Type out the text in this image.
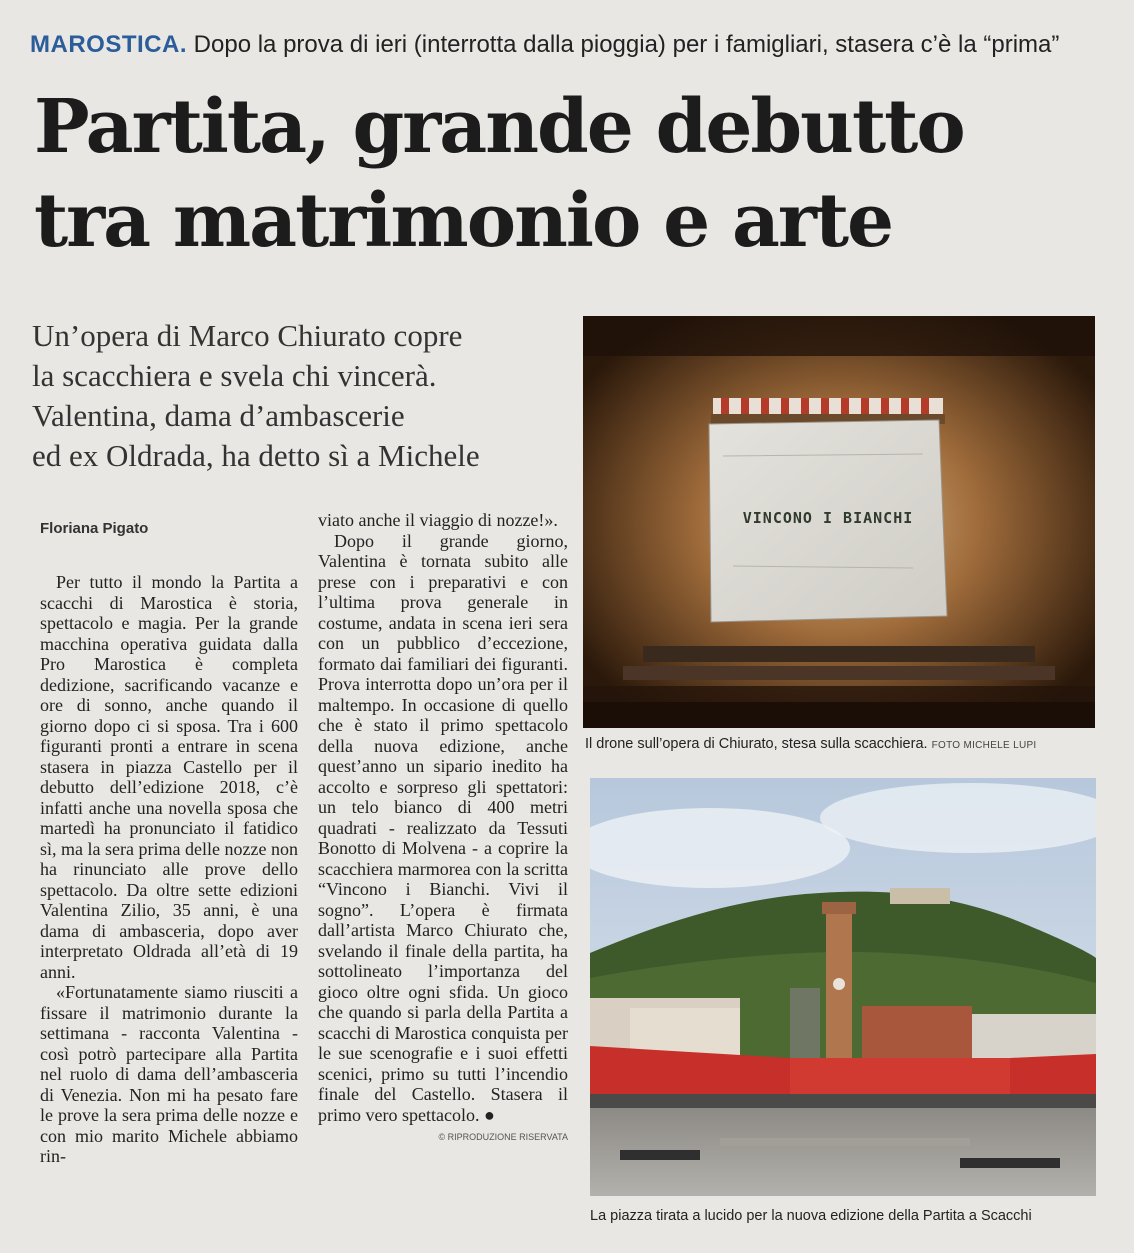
MAROSTICA. Dopo la prova di ieri (interrotta dalla pioggia) per i famigliari, stasera c’è la “prima”
Partita, grande debutto
tra matrimonio e arte
Un’opera di Marco Chiurato copre
la scacchiera e svela chi vincerà.
Valentina, dama d’ambascerie
ed ex Oldrada, ha detto sì a Michele
Floriana Pigato

Per tutto il mondo la Partita a scacchi di Marostica è storia, spettacolo e magia. Per la grande macchina operativa guidata dalla Pro Marostica è completa dedizione, sacrificando vacanze e ore di sonno, anche quando il giorno dopo ci si sposa. Tra i 600 figuranti pronti a entrare in scena stasera in piazza Castello per il debutto dell’edizione 2018, c’è infatti anche una novella sposa che martedì ha pronunciato il fatidico sì, ma la sera prima delle nozze non ha rinunciato alle prove dello spettacolo. Da oltre sette edizioni Valentina Zilio, 35 anni, è una dama di ambasceria, dopo aver interpretato Oldrada all’età di 19 anni.

«Fortunatamente siamo riusciti a fissare il matrimonio durante la settimana - racconta Valentina - così potrò partecipare alla Partita nel ruolo di dama dell’ambasceria di Venezia. Non mi ha pesato fare le prove la sera prima delle nozze e con mio marito Michele abbiamo rin-

viato anche il viaggio di nozze!».

Dopo il grande giorno, Valentina è tornata subito alle prese con i preparativi e con l’ultima prova generale in costume, andata in scena ieri sera con un pubblico d’eccezione, formato dai familiari dei figuranti. Prova interrotta dopo un’ora per il maltempo. In occasione di quello che è stato il primo spettacolo della nuova edizione, anche quest’anno un sipario inedito ha accolto e sorpreso gli spettatori: un telo bianco di 400 metri quadrati - realizzato da Tessuti Bonotto di Molvena - a coprire la scacchiera marmorea con la scritta “Vincono i Bianchi. Vivi il sogno”. L’opera è firmata dall’artista Marco Chiurato che, svelando il finale della partita, ha sottolineato l’importanza del gioco oltre ogni sfida. Un gioco che quando si parla della Partita a scacchi di Marostica conquista per le sue scenografie e i suoi effetti scenici, primo su tutti l’incendio finale del Castello. Stasera il primo vero spettacolo. ●

© RIPRODUZIONE RISERVATA
VINCONO I BIANCHI
Il drone sull’opera di Chiurato, stesa sulla scacchiera. FOTO MICHELE LUPI
La piazza tirata a lucido per la nuova edizione della Partita a Scacchi
